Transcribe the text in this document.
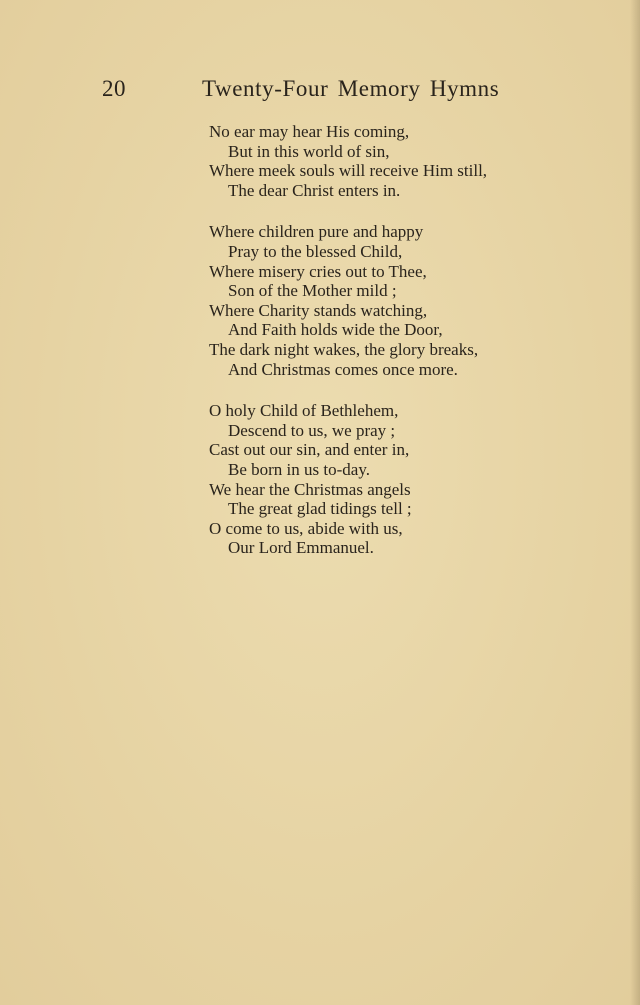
20	Twenty-Four Memory Hymns
No ear may hear His coming,
But in this world of sin,
Where meek souls will receive Him still,
The dear Christ enters in.
Where children pure and happy
Pray to the blessed Child,
Where misery cries out to Thee,
Son of the Mother mild ;
Where Charity stands watching,
And Faith holds wide the Door,
The dark night wakes, the glory breaks,
And Christmas comes once more.
O holy Child of Bethlehem,
Descend to us, we pray ;
Cast out our sin, and enter in,
Be born in us to-day.
We hear the Christmas angels
The great glad tidings tell ;
O come to us, abide with us,
Our Lord Emmanuel.
